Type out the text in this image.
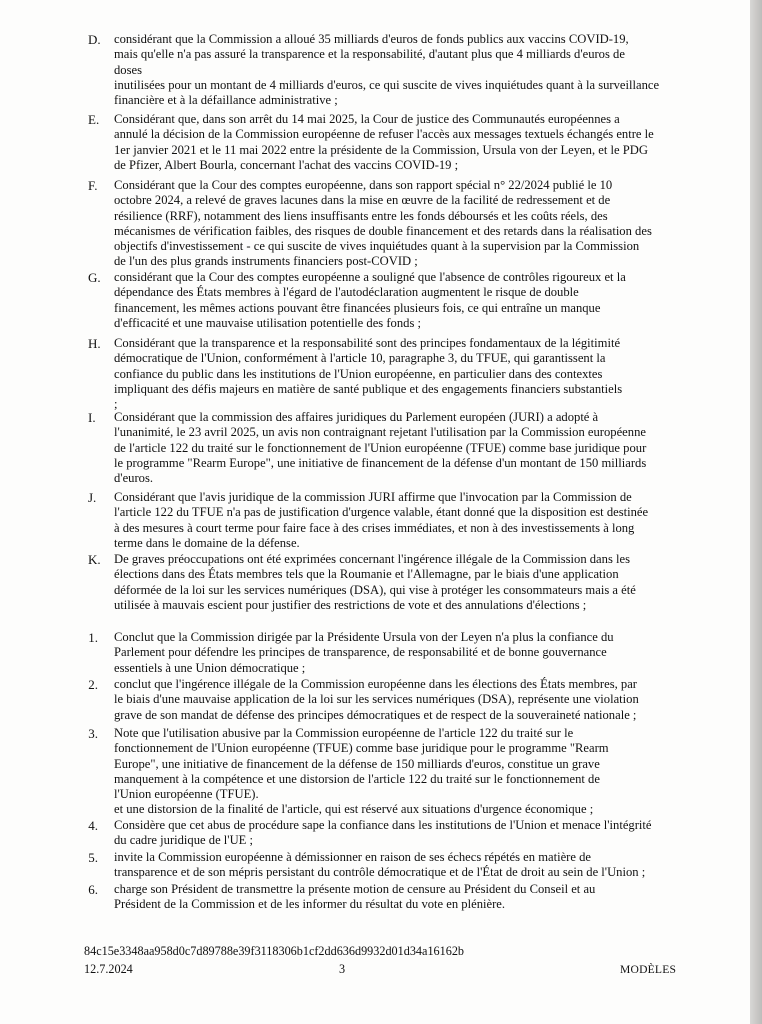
D. considérant que la Commission a alloué 35 milliards d'euros de fonds publics aux vaccins COVID-19,
mais qu'elle n'a pas assuré la transparence et la responsabilité, d'autant plus que 4 milliards d'euros de
doses
inutilisées pour un montant de 4 milliards d'euros, ce qui suscite de vives inquiétudes quant à la surveillance
financière et à la défaillance administrative ;
E. Considérant que, dans son arrêt du 14 mai 2025, la Cour de justice des Communautés européennes a
annulé la décision de la Commission européenne de refuser l'accès aux messages textuels échangés entre le
1er janvier 2021 et le 11 mai 2022 entre la présidente de la Commission, Ursula von der Leyen, et le PDG
de Pfizer, Albert Bourla, concernant l'achat des vaccins COVID-19 ;
F. Considérant que la Cour des comptes européenne, dans son rapport spécial n° 22/2024 publié le 10
octobre 2024, a relevé de graves lacunes dans la mise en œuvre de la facilité de redressement et de
résilience (RRF), notamment des liens insuffisants entre les fonds déboursés et les coûts réels, des
mécanismes de vérification faibles, des risques de double financement et des retards dans la réalisation des
objectifs d'investissement - ce qui suscite de vives inquiétudes quant à la supervision par la Commission
de l'un des plus grands instruments financiers post-COVID ;
G. considérant que la Cour des comptes européenne a souligné que l'absence de contrôles rigoureux et la
dépendance des États membres à l'égard de l'autodéclaration augmentent le risque de double
financement, les mêmes actions pouvant être financées plusieurs fois, ce qui entraîne un manque
d'efficacité et une mauvaise utilisation potentielle des fonds ;
H. Considérant que la transparence et la responsabilité sont des principes fondamentaux de la légitimité
démocratique de l'Union, conformément à l'article 10, paragraphe 3, du TFUE, qui garantissent la
confiance du public dans les institutions de l'Union européenne, en particulier dans des contextes
impliquant des défis majeurs en matière de santé publique et des engagements financiers substantiels
;
I. Considérant que la commission des affaires juridiques du Parlement européen (JURI) a adopté à
l'unanimité, le 23 avril 2025, un avis non contraignant rejetant l'utilisation par la Commission européenne
de l'article 122 du traité sur le fonctionnement de l'Union européenne (TFUE) comme base juridique pour
le programme "Rearm Europe", une initiative de financement de la défense d'un montant de 150 milliards
d'euros.
J. Considérant que l'avis juridique de la commission JURI affirme que l'invocation par la Commission de
l'article 122 du TFUE n'a pas de justification d'urgence valable, étant donné que la disposition est destinée
à des mesures à court terme pour faire face à des crises immédiates, et non à des investissements à long
terme dans le domaine de la défense.
K. De graves préoccupations ont été exprimées concernant l'ingérence illégale de la Commission dans les
élections dans des États membres tels que la Roumanie et l'Allemagne, par le biais d'une application
déformée de la loi sur les services numériques (DSA), qui vise à protéger les consommateurs mais a été
utilisée à mauvais escient pour justifier des restrictions de vote et des annulations d'élections ;
1. Conclut que la Commission dirigée par la Présidente Ursula von der Leyen n'a plus la confiance du
Parlement pour défendre les principes de transparence, de responsabilité et de bonne gouvernance
essentiels à une Union démocratique ;
2. conclut que l'ingérence illégale de la Commission européenne dans les élections des États membres, par
le biais d'une mauvaise application de la loi sur les services numériques (DSA), représente une violation
grave de son mandat de défense des principes démocratiques et de respect de la souveraineté nationale ;
3. Note que l'utilisation abusive par la Commission européenne de l'article 122 du traité sur le
fonctionnement de l'Union européenne (TFUE) comme base juridique pour le programme "Rearm
Europe", une initiative de financement de la défense de 150 milliards d'euros, constitue un grave
manquement à la compétence et une distorsion de l'article 122 du traité sur le fonctionnement de
l'Union européenne (TFUE).
et une distorsion de la finalité de l'article, qui est réservé aux situations d'urgence économique ;
4. Considère que cet abus de procédure sape la confiance dans les institutions de l'Union et menace l'intégrité
du cadre juridique de l'UE ;
5. invite la Commission européenne à démissionner en raison de ses échecs répétés en matière de
transparence et de son mépris persistant du contrôle démocratique et de l'État de droit au sein de l'Union ;
6. charge son Président de transmettre la présente motion de censure au Président du Conseil et au
Président de la Commission et de les informer du résultat du vote en plénière.
84c15e3348aa958d0c7d89788e39f3118306b1cf2dd636d9932d01d34a16162b
12.7.2024	3	MODÈLES
